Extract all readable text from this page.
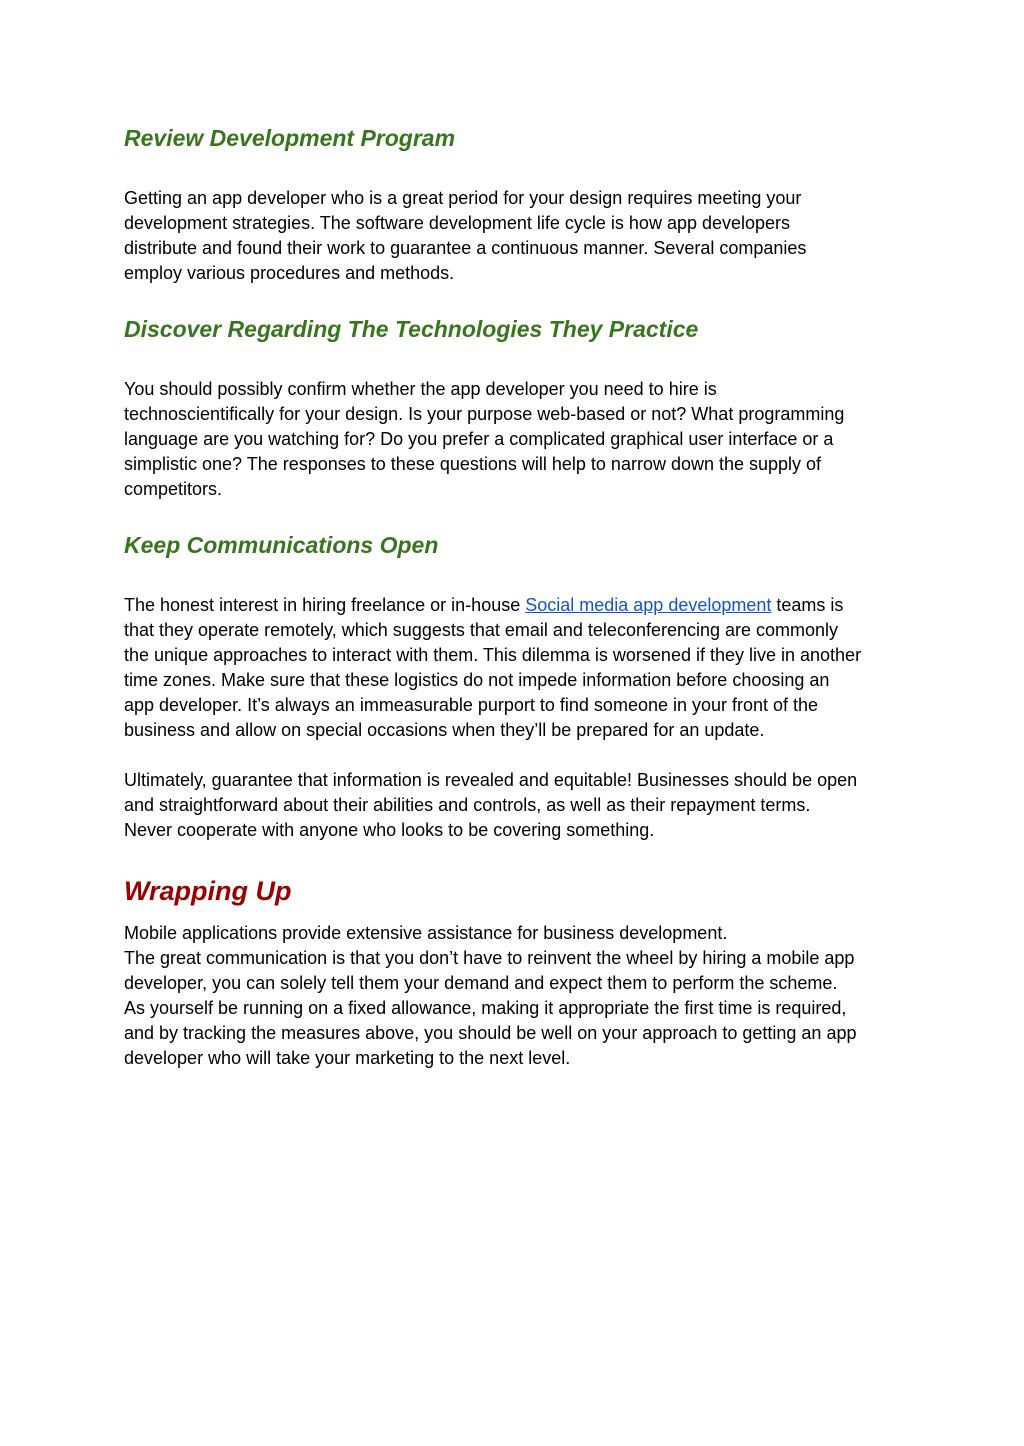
Review Development Program
Getting an app developer who is a great period for your design requires meeting your
development strategies. The software development life cycle is how app developers
distribute and found their work to guarantee a continuous manner. Several companies
employ various procedures and methods.
Discover Regarding The Technologies They Practice
You should possibly confirm whether the app developer you need to hire is
technoscientifically for your design. Is your purpose web-based or not? What programming
language are you watching for? Do you prefer a complicated graphical user interface or a
simplistic one? The responses to these questions will help to narrow down the supply of
competitors.
Keep Communications Open
The honest interest in hiring freelance or in-house Social media app development teams is
that they operate remotely, which suggests that email and teleconferencing are commonly
the unique approaches to interact with them. This dilemma is worsened if they live in another
time zones. Make sure that these logistics do not impede information before choosing an
app developer. It’s always an immeasurable purport to find someone in your front of the
business and allow on special occasions when they’ll be prepared for an update.
Ultimately, guarantee that information is revealed and equitable! Businesses should be open
and straightforward about their abilities and controls, as well as their repayment terms.
Never cooperate with anyone who looks to be covering something.
Wrapping Up
Mobile applications provide extensive assistance for business development.
The great communication is that you don’t have to reinvent the wheel by hiring a mobile app
developer, you can solely tell them your demand and expect them to perform the scheme.
As yourself be running on a fixed allowance, making it appropriate the first time is required,
and by tracking the measures above, you should be well on your approach to getting an app
developer who will take your marketing to the next level.
